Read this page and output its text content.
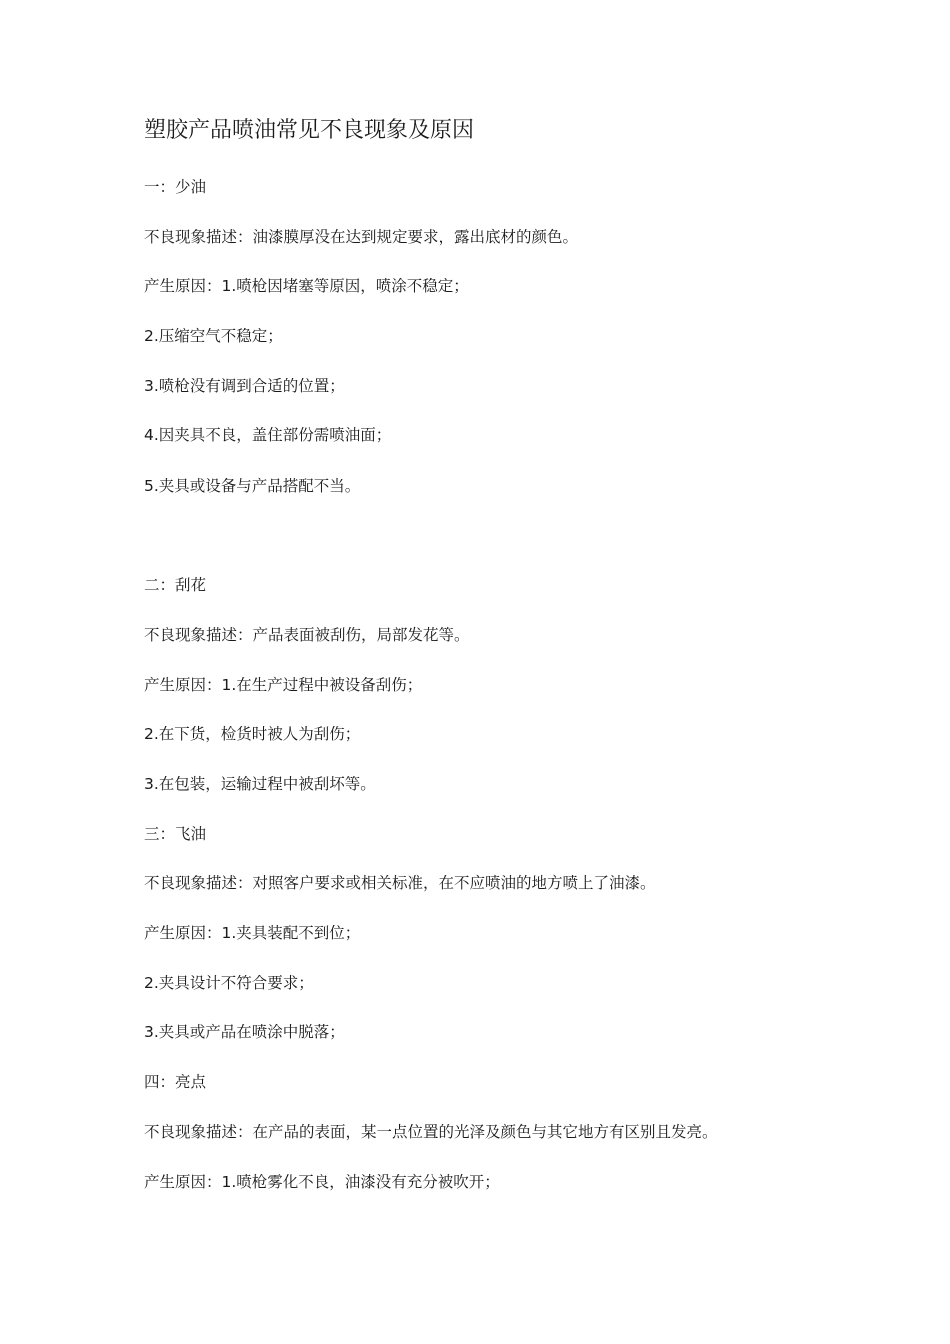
塑胶产品喷油常见不良现象及原因
一：少油
不良现象描述：油漆膜厚没在达到规定要求，露出底材的颜色。
产生原因：1.喷枪因堵塞等原因，喷涂不稳定；
2.压缩空气不稳定；
3.喷枪没有调到合适的位置；
4.因夹具不良，盖住部份需喷油面；
5.夹具或设备与产品搭配不当。
二：刮花
不良现象描述：产品表面被刮伤，局部发花等。
产生原因：1.在生产过程中被设备刮伤；
2.在下货，检货时被人为刮伤；
3.在包装，运输过程中被刮坏等。
三：飞油
不良现象描述：对照客户要求或相关标准，在不应喷油的地方喷上了油漆。
产生原因：1.夹具装配不到位；
2.夹具设计不符合要求；
3.夹具或产品在喷涂中脱落；
四：亮点
不良现象描述：在产品的表面，某一点位置的光泽及颜色与其它地方有区别且发亮。
产生原因：1.喷枪雾化不良，油漆没有充分被吹开；
